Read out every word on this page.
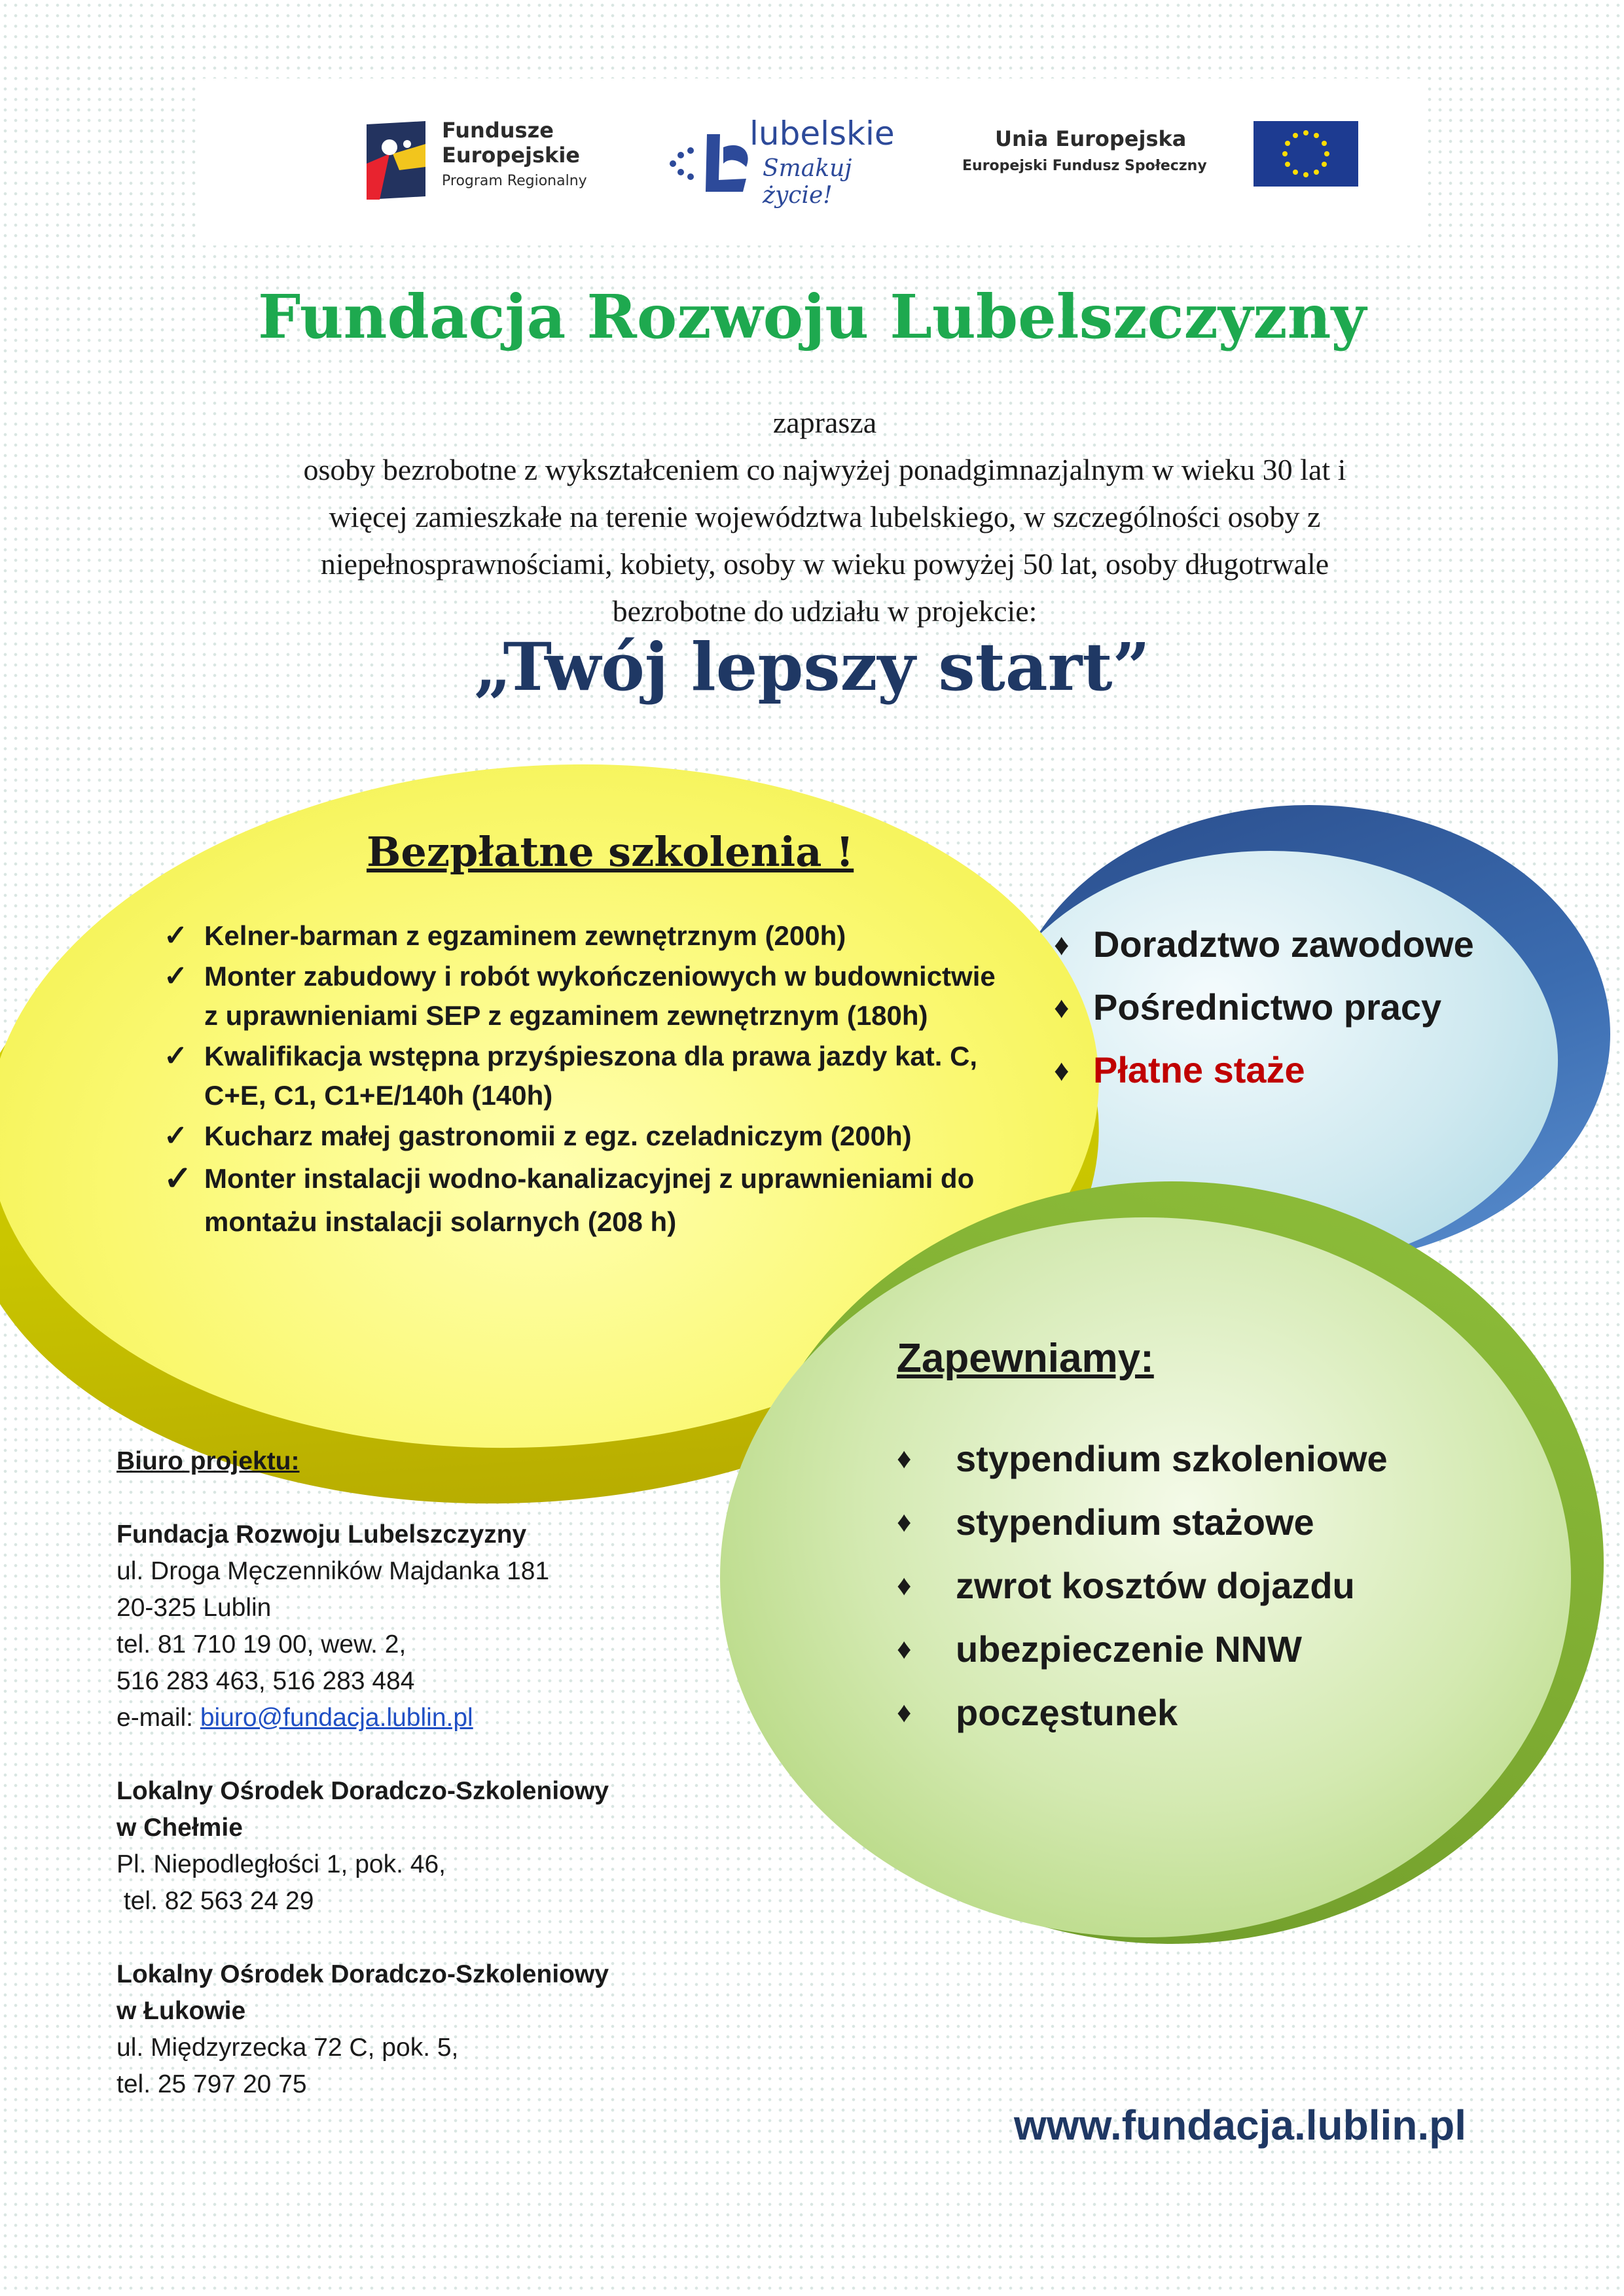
Fundusze
Europejskie
Program Regionalny
lubelskie
Smakuj życie!
Unia Europejska
Europejski Fundusz Społeczny
Fundacja Rozwoju Lubelszczyzny
zaprasza
osoby bezrobotne z wykształceniem co najwyżej ponadgimnazjalnym w wieku 30 lat i
więcej zamieszkałe na terenie województwa lubelskiego, w szczególności osoby z
niepełnosprawnościami, kobiety, osoby w wieku powyżej 50 lat, osoby długotrwale
bezrobotne do udziału w projekcie:
„Twój lepszy start”
Bezpłatne szkolenia !
✓ Kelner-barman z egzaminem zewnętrznym (200h)
✓ Monter zabudowy i robót wykończeniowych w budownictwie z uprawnieniami SEP z egzaminem zewnętrznym (180h)
✓ Kwalifikacja wstępna przyśpieszona dla prawa jazdy kat. C, C+E, C1, C1+E/140h (140h)
✓ Kucharz małej gastronomii z egz. czeladniczym (200h)
✓ Monter instalacji wodno-kanalizacyjnej z uprawnieniami do montażu instalacji solarnych (208 h)
♦ Doradztwo zawodowe
♦ Pośrednictwo pracy
♦ Płatne staże
Zapewniamy:
♦ stypendium szkoleniowe
♦ stypendium stażowe
♦ zwrot kosztów dojazdu
♦ ubezpieczenie NNW
♦ poczęstunek
Biuro projektu:
Fundacja Rozwoju Lubelszczyzny
ul. Droga Męczenników Majdanka 181
20-325 Lublin
tel. 81 710 19 00, wew. 2,
516 283 463, 516 283 484
e-mail: biuro@fundacja.lublin.pl
Lokalny Ośrodek Doradczo-Szkoleniowy
w Chełmie
Pl. Niepodległości 1, pok. 46,
tel. 82 563 24 29
Lokalny Ośrodek Doradczo-Szkoleniowy
w Łukowie
ul. Międzyrzecka 72 C, pok. 5,
tel. 25 797 20 75
www.fundacja.lublin.pl
